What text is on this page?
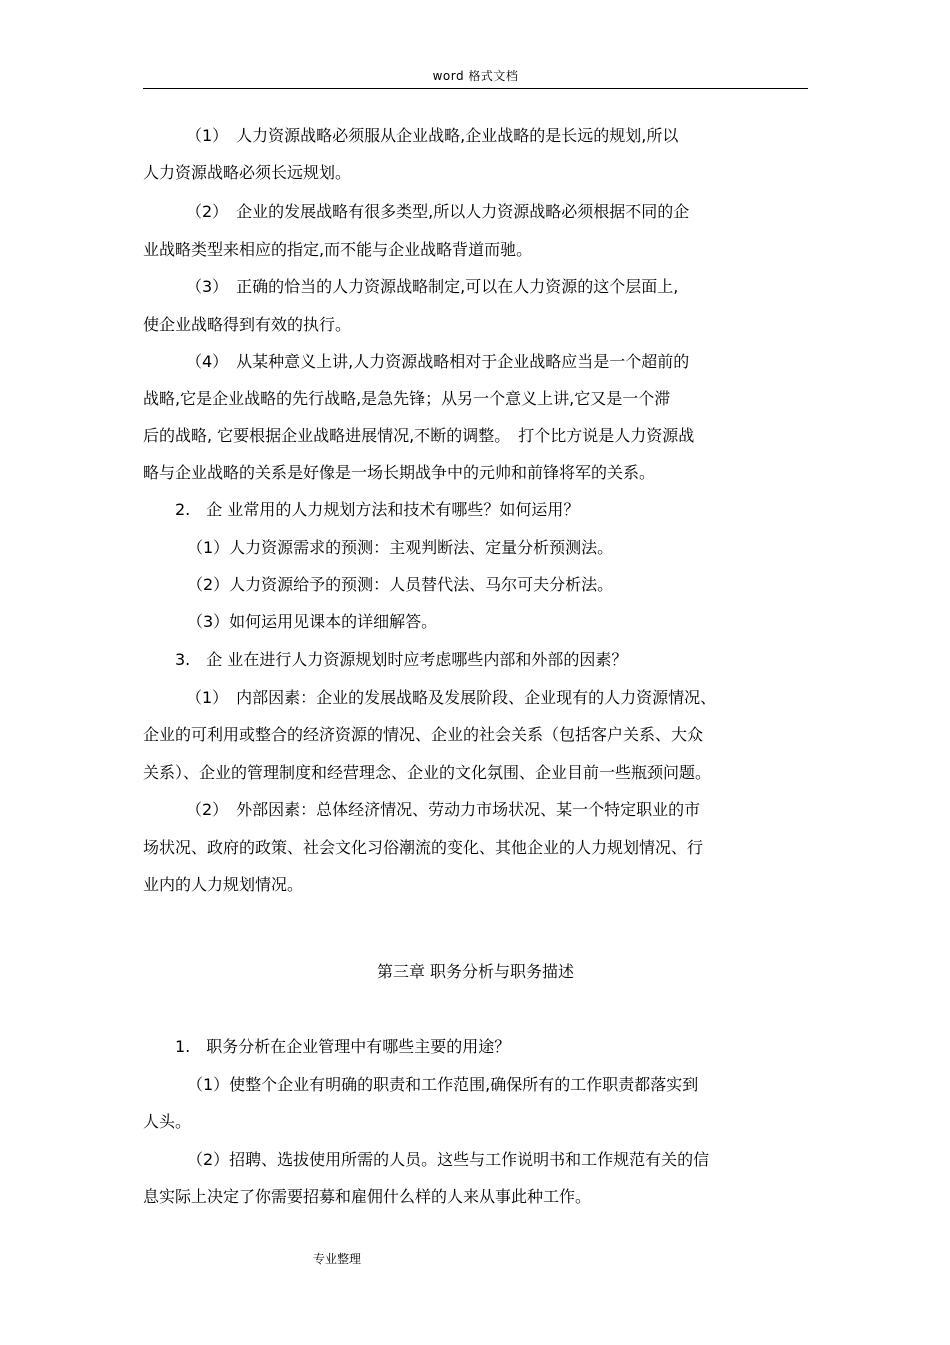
word 格式文档

（1）　人力资源战略必须服从企业战略,企业战略的是长远的规划,所以

人力资源战略必须长远规划。

（2）　企业的发展战略有很多类型,所以人力资源战略必须根据不同的企

业战略类型来相应的指定,而不能与企业战略背道而驰。

（3）　正确的恰当的人力资源战略制定,可以在人力资源的这个层面上,

使企业战略得到有效的执行。

（4）　从某种意义上讲,人力资源战略相对于企业战略应当是一个超前的

战略,它是企业战略的先行战略,是急先锋；从另一个意义上讲,它又是一个滞

后的战略, 它要根据企业战略进展情况,不断的调整。　打个比方说是人力资源战

略与企业战略的关系是好像是一场长期战争中的元帅和前锋将军的关系。

2.　企 业常用的人力规划方法和技术有哪些？如何运用？

（1）人力资源需求的预测：主观判断法、定量分析预测法。

（2）人力资源给予的预测：人员替代法、马尔可夫分析法。

（3）如何运用见课本的详细解答。

3.　企 业在进行人力资源规划时应考虑哪些内部和外部的因素？

（1）　内部因素：企业的发展战略及发展阶段、企业现有的人力资源情况、

企业的可利用或整合的经济资源的情况、企业的社会关系（包括客户关系、大众

关系）、企业的管理制度和经营理念、企业的文化氛围、企业目前一些瓶颈问题。

（2）　外部因素：总体经济情况、劳动力市场状况、某一个特定职业的市

场状况、政府的政策、社会文化习俗潮流的变化、其他企业的人力规划情况、行

业内的人力规划情况。

第三章 职务分析与职务描述

1.　职务分析在企业管理中有哪些主要的用途？

（1）使整个企业有明确的职责和工作范围,确保所有的工作职责都落实到

人头。

（2）招聘、选拔使用所需的人员。这些与工作说明书和工作规范有关的信

息实际上决定了你需要招募和雇佣什么样的人来从事此种工作。

专业整理
